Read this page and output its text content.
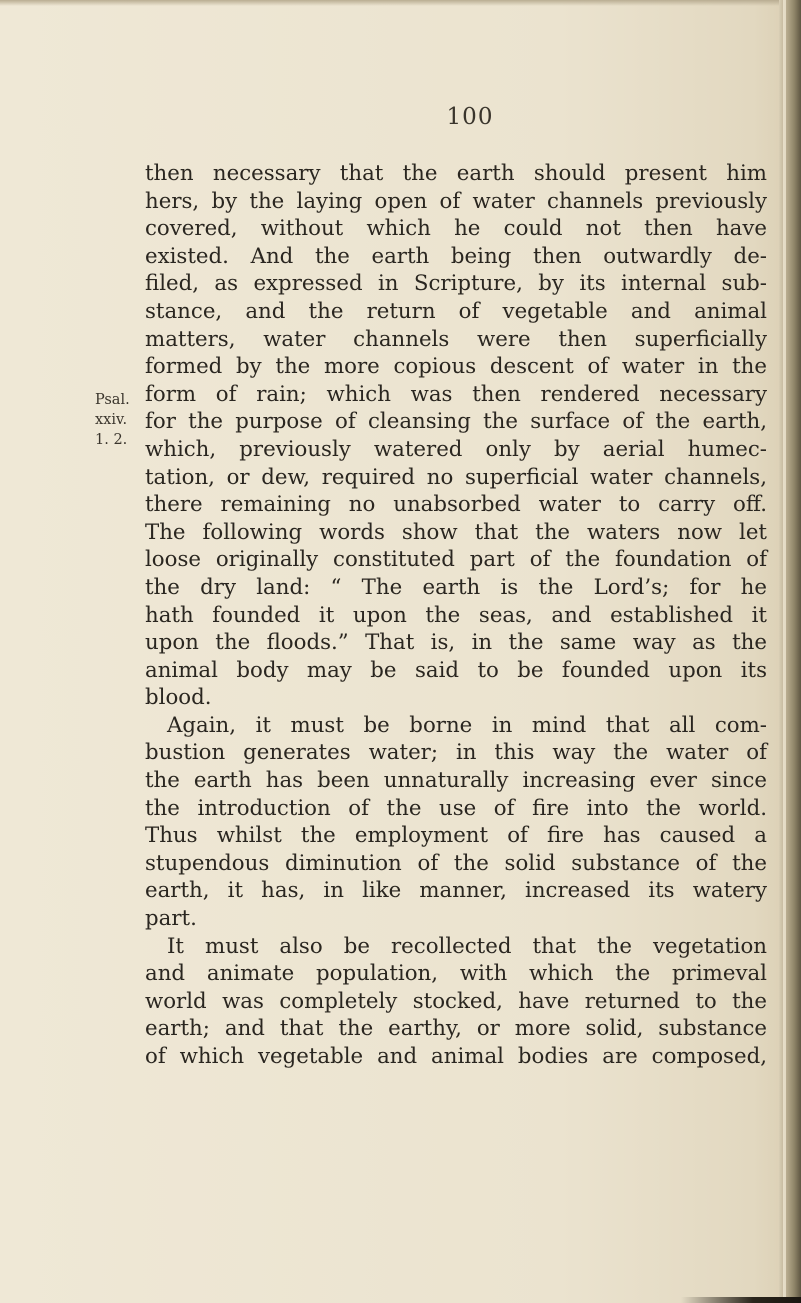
100
Psal.
xxiv.
1. 2.
then necessary that the earth should present him
hers, by the laying open of water channels previously
covered, without which he could not then have
existed. And the earth being then outwardly de-
filed, as expressed in Scripture, by its internal sub-
stance, and the return of vegetable and animal
matters, water channels were then superficially
formed by the more copious descent of water in the
form of rain; which was then rendered necessary
for the purpose of cleansing the surface of the earth,
which, previously watered only by aerial humec-
tation, or dew, required no superficial water channels,
there remaining no unabsorbed water to carry off.
The following words show that the waters now let
loose originally constituted part of the foundation of
the dry land: “ The earth is the Lord’s; for he
hath founded it upon the seas, and established it
upon the floods.” That is, in the same way as the
animal body may be said to be founded upon its
blood.
Again, it must be borne in mind that all com-
bustion generates water; in this way the water of
the earth has been unnaturally increasing ever since
the introduction of the use of fire into the world.
Thus whilst the employment of fire has caused a
stupendous diminution of the solid substance of the
earth, it has, in like manner, increased its watery
part.
It must also be recollected that the vegetation
and animate population, with which the primeval
world was completely stocked, have returned to the
earth; and that the earthy, or more solid, substance
of which vegetable and animal bodies are composed,
